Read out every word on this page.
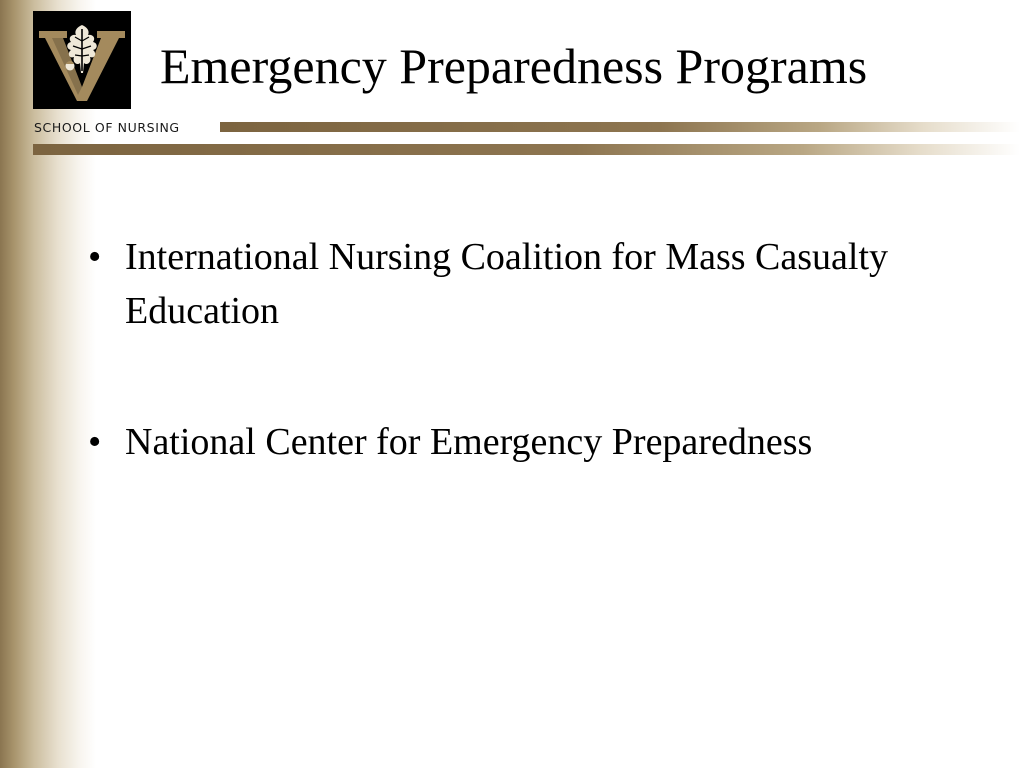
SCHOOL OF NURSING
Emergency Preparedness Programs
• International Nursing Coalition for Mass Casualty Education
• National Center for Emergency Preparedness
